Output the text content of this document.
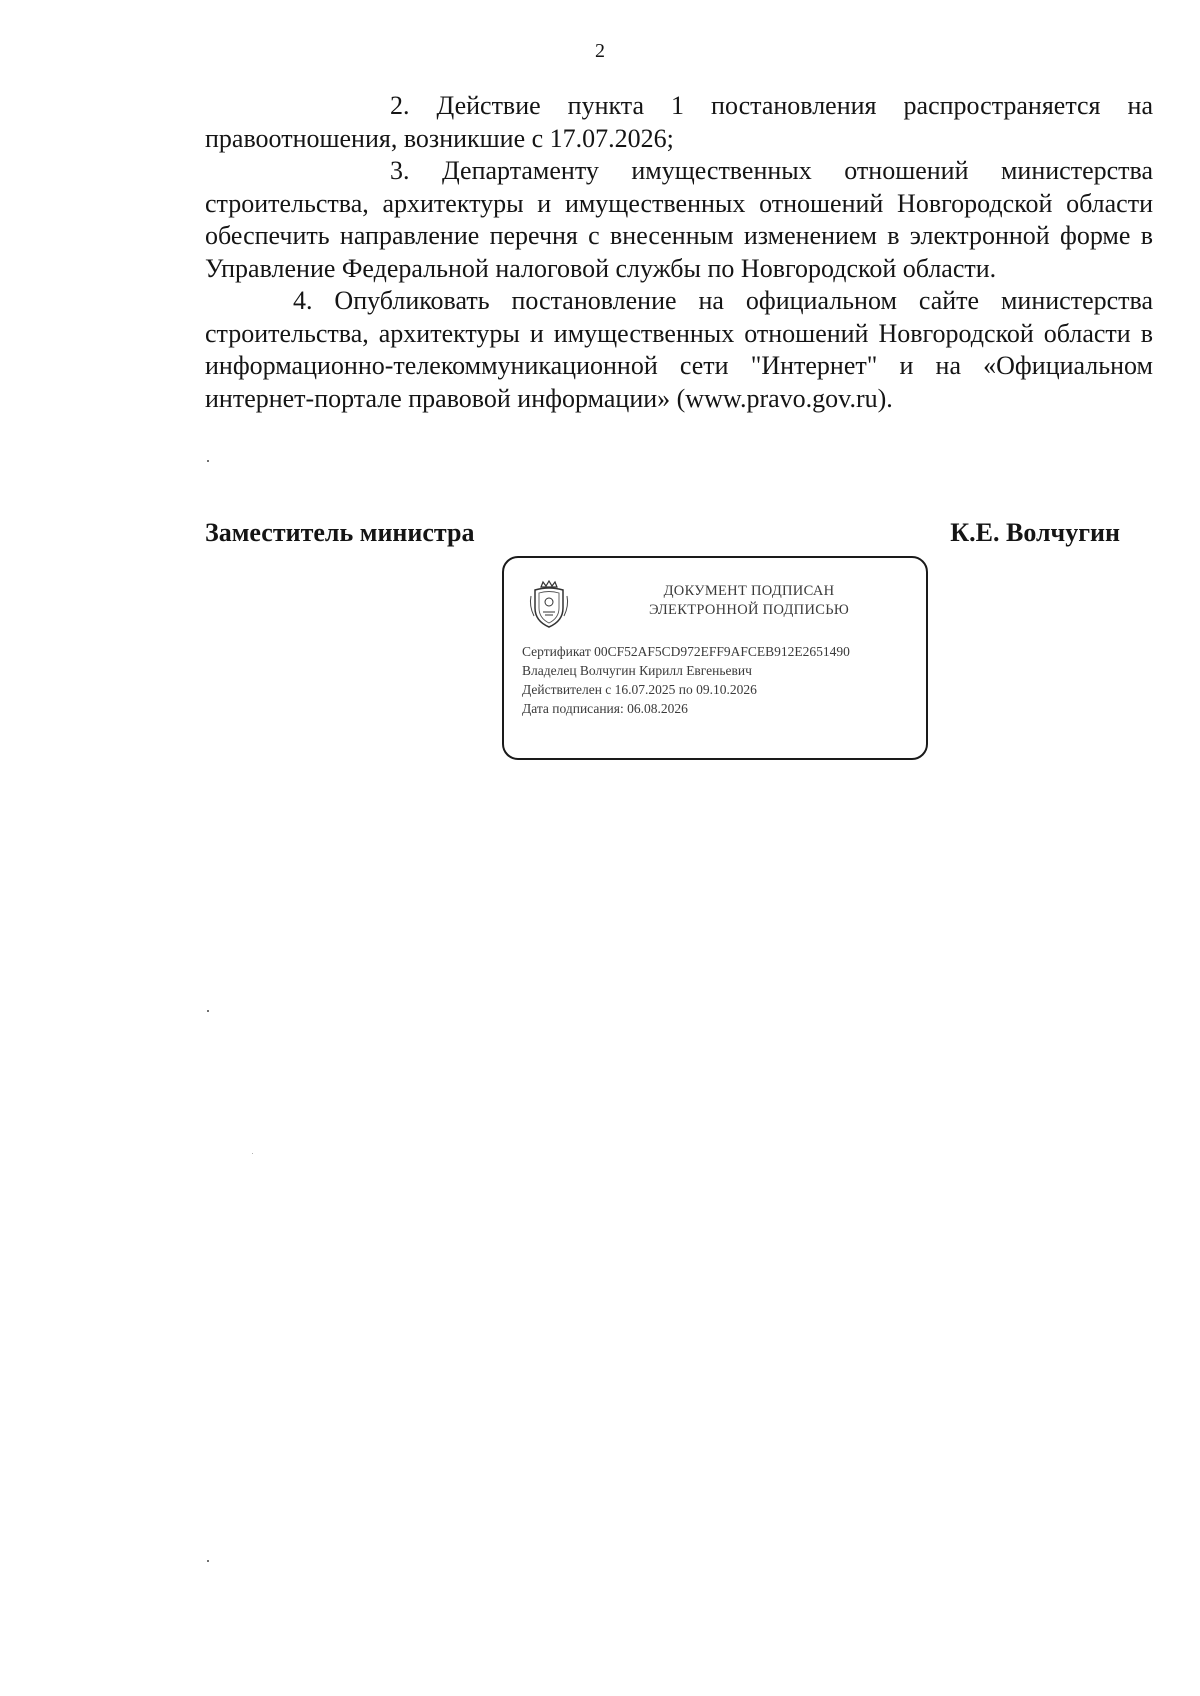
2

2. Действие пункта 1 постановления распространяется на правоотношения, возникшие с 17.07.2026;

3. Департаменту имущественных отношений министерства строительства, архитектуры и имущественных отношений Новгородской области обеспечить направление перечня с внесенным изменением в электронной форме в Управление Федеральной налоговой службы по Новгородской области.

4. Опубликовать постановление на официальном сайте министерства строительства, архитектуры и имущественных отношений Новгородской области в информационно-телекоммуникационной сети "Интернет" и на «Официальном интернет-портале правовой информации» (www.pravo.gov.ru).

Заместитель министра	К.Е. Волчугин
ДОКУМЕНТ ПОДПИСАН
ЭЛЕКТРОННОЙ ПОДПИСЬЮ
Сертификат 00CF52AF5CD972EFF9AFCEB912E2651490
Владелец Волчугин Кирилл Евгеньевич
Действителен с 16.07.2025 по 09.10.2026
Дата подписания: 06.08.2026
